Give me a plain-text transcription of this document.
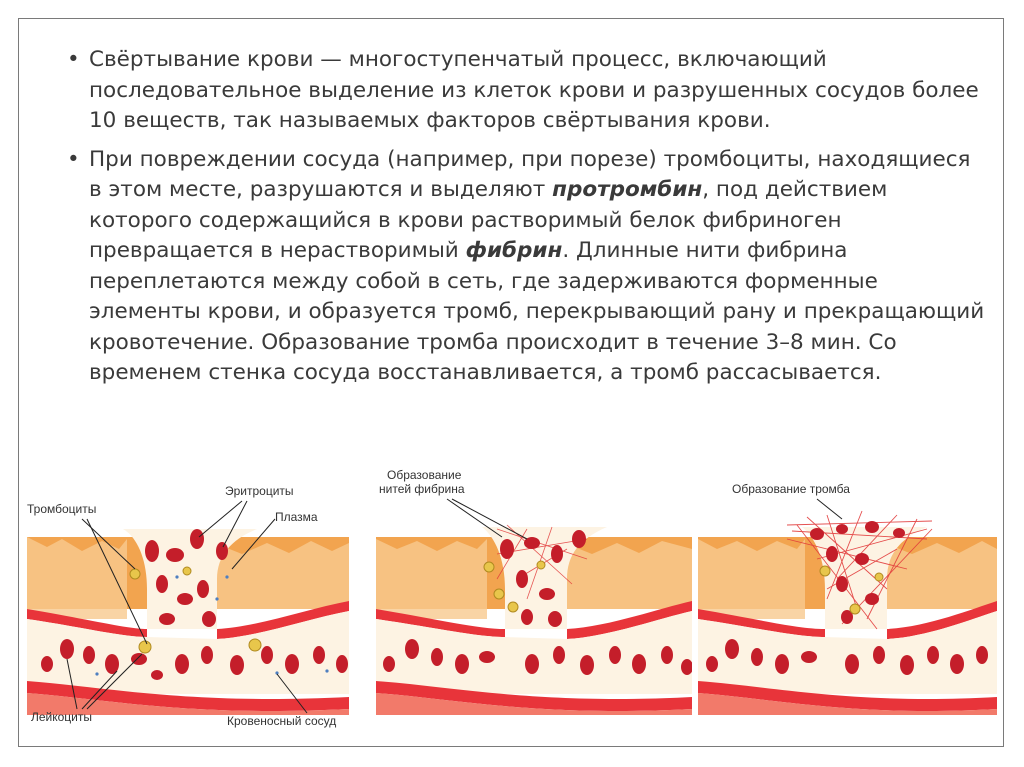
• Свёртывание крови — многоступенчатый процесс, включающий последовательное выделение из клеток крови и разрушенных сосудов более 10 веществ, так называемых факторов свёртывания крови.

• При повреждении сосуда (например, при порезе) тромбоциты, находящиеся в этом месте, разрушаются и выделяют протромбин, под действием которого содержащийся в крови растворимый белок фибриноген превращается в нерастворимый фибрин. Длинные нити фибрина переплетаются между собой в сеть, где задерживаются форменные элементы крови, и образуется тромб, перекрывающий рану и прекращающий кровотечение. Образование тромба происходит в течение 3–8 мин. Со временем стенка сосуда восстанавливается, а тромб рассасывается.

Тромбоциты
Эритроциты
Плазма
Лейкоциты	Кровеносный сосуд
Образование
нитей фибрина	Образование тромба
